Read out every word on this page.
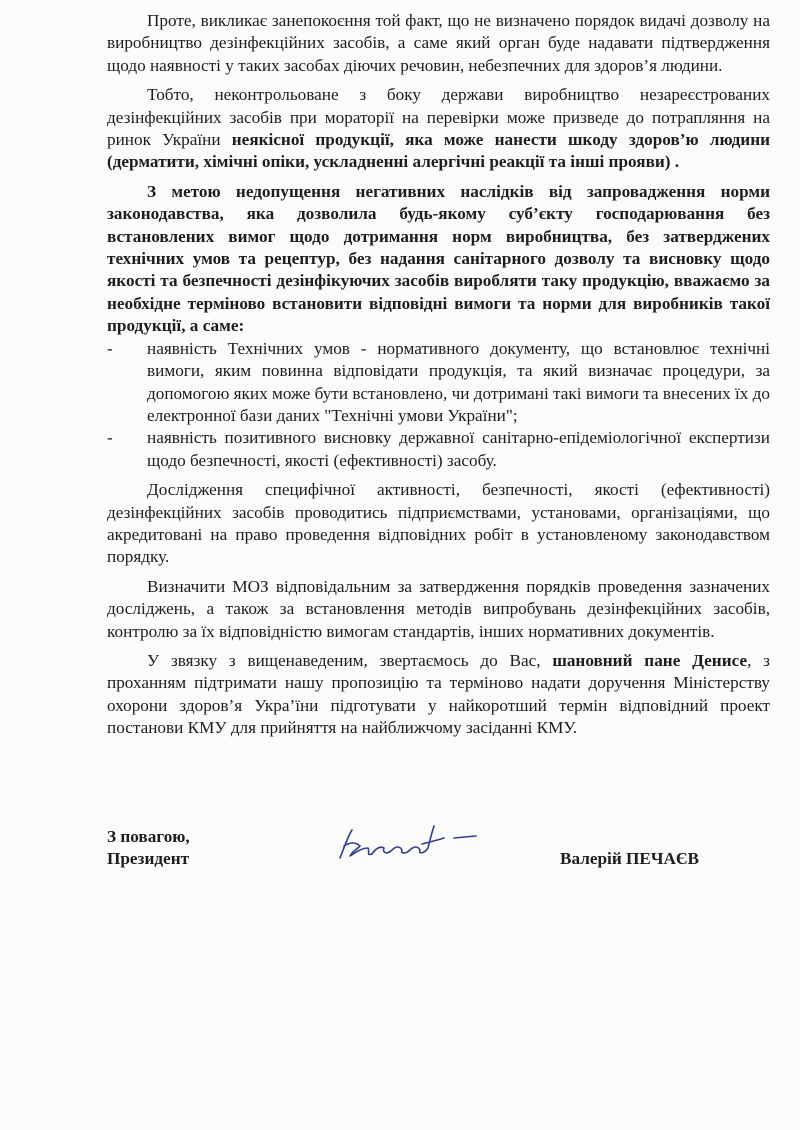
Проте, викликає занепокоєння той факт, що не визначено порядок видачі дозволу на виробництво дезінфекційних засобів, а саме який орган буде надавати підтвердження щодо наявності у таких засобах діючих речовин, небезпечних для здоров’я людини.

Тобто, неконтрольоване з боку держави виробництво незареєстрованих дезінфекційних засобів при мораторії на перевірки може призведе до потрапляння на ринок України неякісної продукції, яка може нанести шкоду здоров’ю людини (дерматити, хімічні опіки, ускладненні алергічні реакції та інші прояви) .

З метою недопущення негативних наслідків від запровадження норми законодавства, яка дозволила будь-якому суб’єкту господарювання без встановлених вимог щодо дотримання норм виробництва, без затверджених технічних умов та рецептур, без надання санітарного дозволу та висновку щодо якості та безпечності дезінфікуючих засобів виробляти таку продукцію, вважаємо за необхідне терміново встановити відповідні вимоги та норми для виробників такої продукції, а саме:

-	наявність Технічних умов - нормативного документу, що встановлює технічні вимоги, яким повинна відповідати продукція, та який визначає процедури, за допомогою яких може бути встановлено, чи дотримані такі вимоги та внесених їх до електронної бази даних "Технічні умови України";
-	наявність позитивного висновку державної санітарно-епідеміологічної експертизи щодо безпечності, якості (ефективності) засобу.

Дослідження специфічної активності, безпечності, якості (ефективності) дезінфекційних засобів проводитись підприємствами, установами, організаціями, що акредитовані на право проведення відповідних робіт в установленому законодавством порядку.

Визначити МОЗ відповідальним за затвердження порядків проведення зазначених досліджень, а також за встановлення методів випробувань дезінфекційних засобів, контролю за їх відповідністю вимогам стандартів, інших нормативних документів.

У звязку з вищенаведеним, звертаємось до Вас, шановний пане Денисе, з проханням підтримати нашу пропозицію та терміново надати доручення Міністерству охорони здоров’я Укра’їни підготувати у найкоротший термін відповідний проект постанови КМУ для прийняття на найближчому засіданні КМУ.

З повагою,
Президент	Валерій ПЕЧАЄВ
